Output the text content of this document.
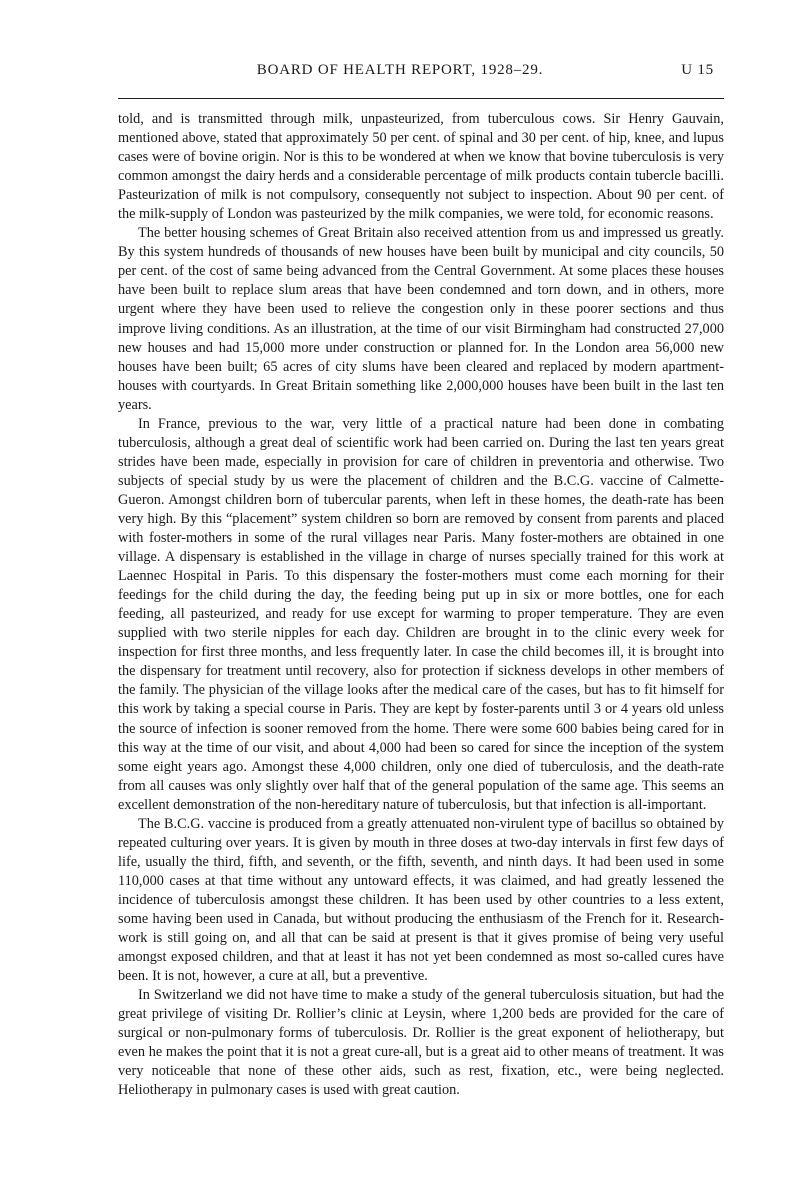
BOARD OF HEALTH REPORT, 1928–29.	U 15

told, and is transmitted through milk, unpasteurized, from tuberculous cows. Sir Henry Gauvain, mentioned above, stated that approximately 50 per cent. of spinal and 30 per cent. of hip, knee, and lupus cases were of bovine origin. Nor is this to be wondered at when we know that bovine tuberculosis is very common amongst the dairy herds and a considerable percentage of milk products contain tubercle bacilli. Pasteurization of milk is not compulsory, consequently not subject to inspection. About 90 per cent. of the milk-supply of London was pasteurized by the milk companies, we were told, for economic reasons.

The better housing schemes of Great Britain also received attention from us and impressed us greatly. By this system hundreds of thousands of new houses have been built by municipal and city councils, 50 per cent. of the cost of same being advanced from the Central Government. At some places these houses have been built to replace slum areas that have been condemned and torn down, and in others, more urgent where they have been used to relieve the congestion only in these poorer sections and thus improve living conditions. As an illustration, at the time of our visit Birmingham had constructed 27,000 new houses and had 15,000 more under construction or planned for. In the London area 56,000 new houses have been built; 65 acres of city slums have been cleared and replaced by modern apartment-houses with courtyards. In Great Britain something like 2,000,000 houses have been built in the last ten years.

In France, previous to the war, very little of a practical nature had been done in combating tuberculosis, although a great deal of scientific work had been carried on. During the last ten years great strides have been made, especially in provision for care of children in preventoria and otherwise. Two subjects of special study by us were the placement of children and the B.C.G. vaccine of Calmette-Gueron. Amongst children born of tubercular parents, when left in these homes, the death-rate has been very high. By this “placement” system children so born are removed by consent from parents and placed with foster-mothers in some of the rural villages near Paris. Many foster-mothers are obtained in one village. A dispensary is established in the village in charge of nurses specially trained for this work at Laennec Hospital in Paris. To this dispensary the foster-mothers must come each morning for their feedings for the child during the day, the feeding being put up in six or more bottles, one for each feeding, all pasteurized, and ready for use except for warming to proper temperature. They are even supplied with two sterile nipples for each day. Children are brought in to the clinic every week for inspection for first three months, and less frequently later. In case the child becomes ill, it is brought into the dispensary for treatment until recovery, also for protection if sickness develops in other members of the family. The physician of the village looks after the medical care of the cases, but has to fit himself for this work by taking a special course in Paris. They are kept by foster-parents until 3 or 4 years old unless the source of infection is sooner removed from the home. There were some 600 babies being cared for in this way at the time of our visit, and about 4,000 had been so cared for since the inception of the system some eight years ago. Amongst these 4,000 children, only one died of tuberculosis, and the death-rate from all causes was only slightly over half that of the general population of the same age. This seems an excellent demonstration of the non-hereditary nature of tuberculosis, but that infection is all-important.

The B.C.G. vaccine is produced from a greatly attenuated non-virulent type of bacillus so obtained by repeated culturing over years. It is given by mouth in three doses at two-day intervals in first few days of life, usually the third, fifth, and seventh, or the fifth, seventh, and ninth days. It had been used in some 110,000 cases at that time without any untoward effects, it was claimed, and had greatly lessened the incidence of tuberculosis amongst these children. It has been used by other countries to a less extent, some having been used in Canada, but without producing the enthusiasm of the French for it. Research-work is still going on, and all that can be said at present is that it gives promise of being very useful amongst exposed children, and that at least it has not yet been condemned as most so-called cures have been. It is not, however, a cure at all, but a preventive.

In Switzerland we did not have time to make a study of the general tuberculosis situation, but had the great privilege of visiting Dr. Rollier’s clinic at Leysin, where 1,200 beds are provided for the care of surgical or non-pulmonary forms of tuberculosis. Dr. Rollier is the great exponent of heliotherapy, but even he makes the point that it is not a great cure-all, but is a great aid to other means of treatment. It was very noticeable that none of these other aids, such as rest, fixation, etc., were being neglected. Heliotherapy in pulmonary cases is used with great caution.
